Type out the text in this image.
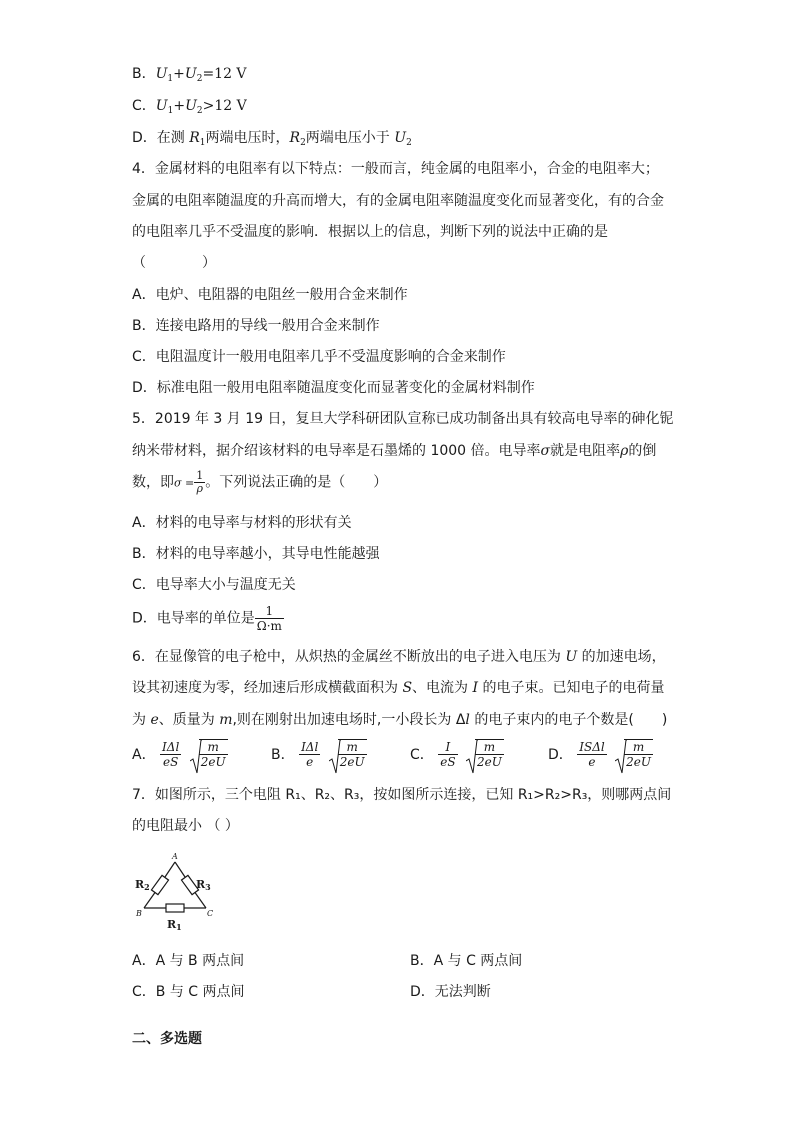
B．$U_1+U_2=12$ V
C．$U_1+U_2>12$ V
D．在测 $R_1$两端电压时，$R_2$两端电压小于 $U_2$
4．金属材料的电阻率有以下特点：一般而言，纯金属的电阻率小，合金的电阻率大；
金属的电阻率随温度的升高而增大，有的金属电阻率随温度变化而显著变化，有的合金
的电阻率几乎不受温度的影响．根据以上的信息，判断下列的说法中正确的是
（　　　　）
A．电炉、电阻器的电阻丝一般用合金来制作
B．连接电路用的导线一般用合金来制作
C．电阻温度计一般用电阻率几乎不受温度影响的合金来制作
D．标准电阻一般用电阻率随温度变化而显著变化的金属材料制作
5．2019 年 3 月 19 日，复旦大学科研团队宣称已成功制备出具有较高电导率的砷化铌
纳米带材料，据介绍该材料的电导率是石墨烯的 1000 倍。电导率σ就是电阻率ρ的倒
数，即$\sigma = \frac{1}{\rho}$ 。下列说法正确的是（　　）
A．材料的电导率与材料的形状有关
B．材料的电导率越小，其导电性能越强
C．电导率大小与温度无关
D．电导率的单位是 $\frac{1}{\Omega\cdot m}$
6．在显像管的电子枪中，从炽热的金属丝不断放出的电子进入电压为 U 的加速电场，
设其初速度为零，经加速后形成横截面积为 S、电流为 I 的电子束。已知电子的电荷量
为 e、质量为 m,则在刚射出加速电场时,一小段长为 Δl 的电子束内的电子个数是(　　)
A． $\frac{\text{IΔl}}{eS}$
$\frac{m}{2eU}$	B． $\frac{\text{IΔl}}{e}$
$\frac{m}{2eU}$	C． $\frac{I}{eS}$
$\frac{m}{2eU}$	D． $\frac{\text{ISΔl}}{e}$
$\frac{m}{2eU}$
7．如图所示，三个电阻 R₁、R₂、R₃，按如图所示连接，已知 R₁>R₂>R₃，则哪两点间
的电阻最小 （ ）
A
B	C
R2	R3
R1
A．A 与 B 两点间	B．A 与 C 两点间
C．B 与 C 两点间	D．无法判断
二、多选题
